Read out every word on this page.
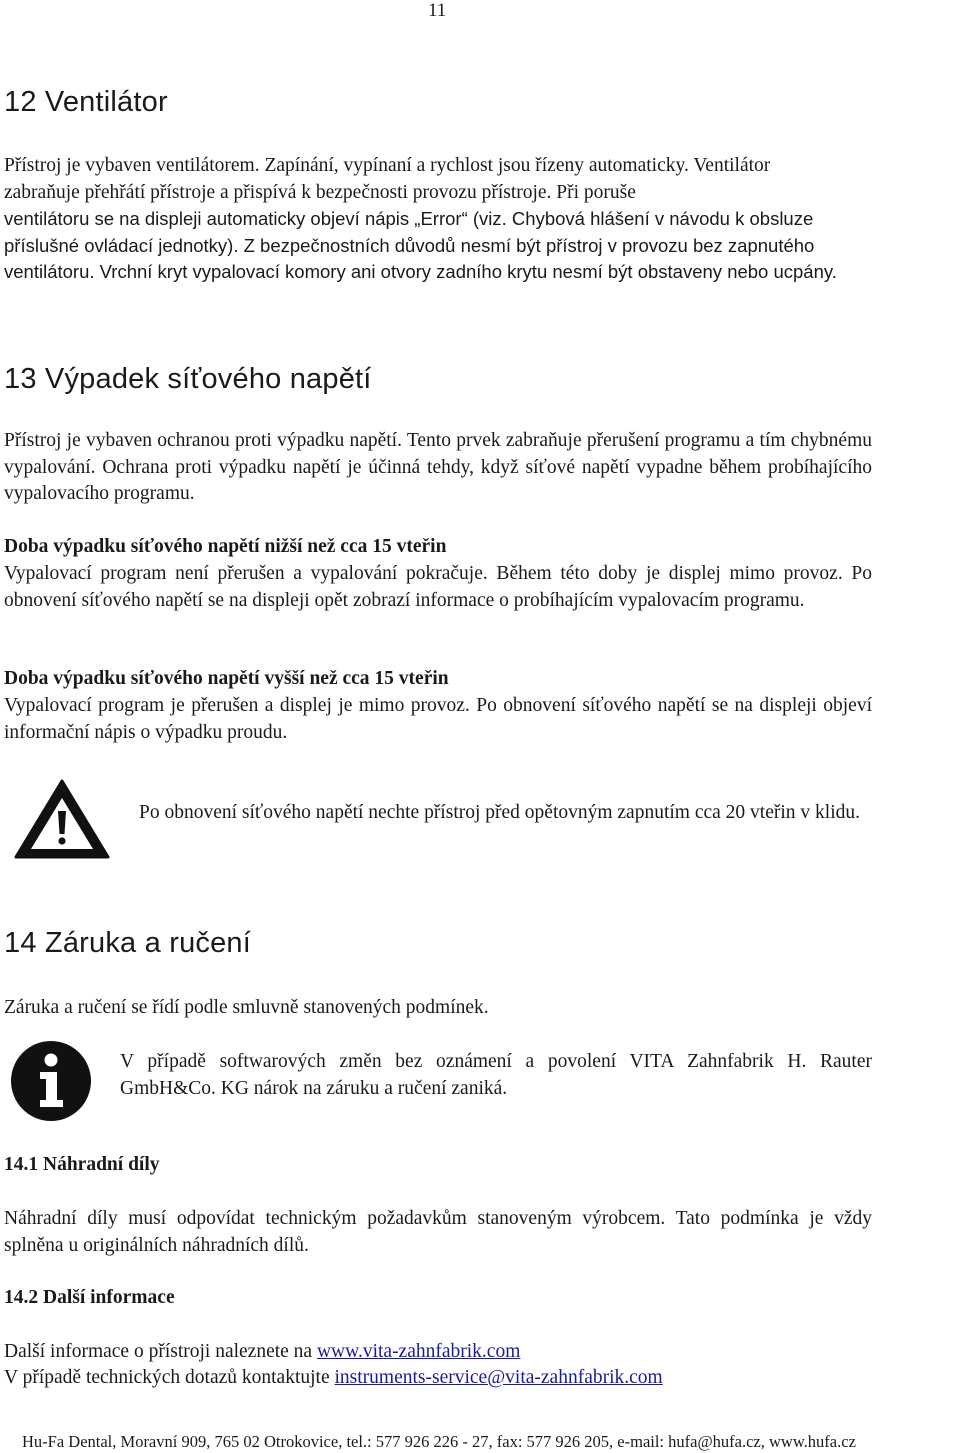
11
12 Ventilátor

Přístroj je vybaven ventilátorem. Zapínání, vypínaní a rychlost jsou řízeny automaticky. Ventilátor zabraňuje přehřátí přístroje a přispívá k bezpečnosti provozu přístroje. Při poruše

ventilátoru se na displeji automaticky objeví nápis „Error“ (viz. Chybová hlášení v návodu k obsluze příslušné ovládací jednotky). Z bezpečnostních důvodů nesmí být přístroj v provozu bez zapnutého ventilátoru. Vrchní kryt vypalovací komory ani otvory zadního krytu nesmí být obstaveny nebo ucpány.

13 Výpadek síťového napětí

Přístroj je vybaven ochranou proti výpadku napětí. Tento prvek zabraňuje přerušení programu a tím chybnému vypalování. Ochrana proti výpadku napětí je účinná tehdy, když síťové napětí vypadne během probíhajícího vypalovacího programu.

Doba výpadku síťového napětí nižší než cca 15 vteřin

Vypalovací program není přerušen a vypalování pokračuje. Během této doby je displej mimo provoz. Po obnovení síťového napětí se na displeji opět zobrazí informace o probíhajícím vypalovacím programu.

Doba výpadku síťového napětí vyšší než cca 15 vteřin

Vypalovací program je přerušen a displej je mimo provoz. Po obnovení síťového napětí se na displeji objeví informační nápis o výpadku proudu.

Po obnovení síťového napětí nechte přístroj před opětovným zapnutím cca 20 vteřin v klidu.

14 Záruka a ručení

Záruka a ručení se řídí podle smluvně stanovených podmínek.

V případě softwarových změn bez oznámení a povolení VITA Zahnfabrik H. Rauter GmbH&Co. KG nárok na záruku a ručení zaniká.

14.1 Náhradní díly

Náhradní díly musí odpovídat technickým požadavkům stanoveným výrobcem. Tato podmínka je vždy splněna u originálních náhradních dílů.

14.2 Další informace

Další informace o přístroji naleznete na www.vita-zahnfabrik.com

V případě technických dotazů kontaktujte instruments-service@vita-zahnfabrik.com

Hu-Fa Dental, Moravní 909, 765 02 Otrokovice, tel.: 577 926 226 - 27, fax: 577 926 205, e-mail: hufa@hufa.cz, www.hufa.cz
